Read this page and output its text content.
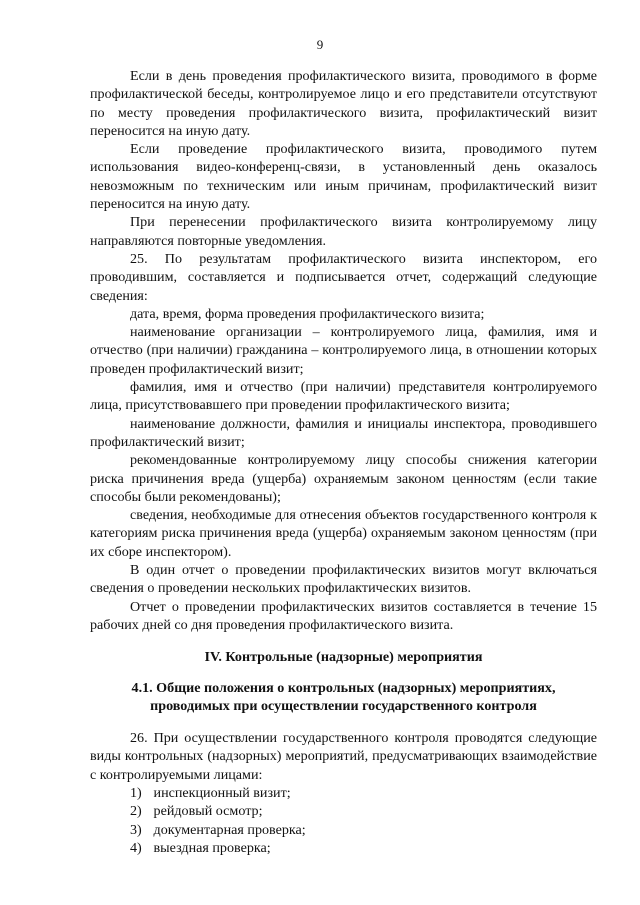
9

Если в день проведения профилактического визита, проводимого в форме профилактической беседы, контролируемое лицо и его представители отсутствуют по месту проведения профилактического визита, профилактический визит переносится на иную дату.

Если проведение профилактического визита, проводимого путем использования видео-конференц-связи, в установленный день оказалось невозможным по техническим или иным причинам, профилактический визит переносится на иную дату.

При перенесении профилактического визита контролируемому лицу направляются повторные уведомления.

25. По результатам профилактического визита инспектором, его проводившим, составляется и подписывается отчет, содержащий следующие сведения:

дата, время, форма проведения профилактического визита;

наименование организации – контролируемого лица, фамилия, имя и отчество (при наличии) гражданина – контролируемого лица, в отношении которых проведен профилактический визит;

фамилия, имя и отчество (при наличии) представителя контролируемого лица, присутствовавшего при проведении профилактического визита;

наименование должности, фамилия и инициалы инспектора, проводившего профилактический визит;

рекомендованные контролируемому лицу способы снижения категории риска причинения вреда (ущерба) охраняемым законом ценностям (если такие способы были рекомендованы);

сведения, необходимые для отнесения объектов государственного контроля к категориям риска причинения вреда (ущерба) охраняемым законом ценностям (при их сборе инспектором).

В один отчет о проведении профилактических визитов могут включаться сведения о проведении нескольких профилактических визитов.

Отчет о проведении профилактических визитов составляется в течение 15 рабочих дней со дня проведения профилактического визита.

IV. Контрольные (надзорные) мероприятия

4.1. Общие положения о контрольных (надзорных) мероприятиях,
проводимых при осуществлении государственного контроля

26. При осуществлении государственного контроля проводятся следующие виды контрольных (надзорных) мероприятий, предусматривающих взаимодействие с контролируемыми лицами:

1) инспекционный визит;
2) рейдовый осмотр;
3) документарная проверка;
4) выездная проверка;
